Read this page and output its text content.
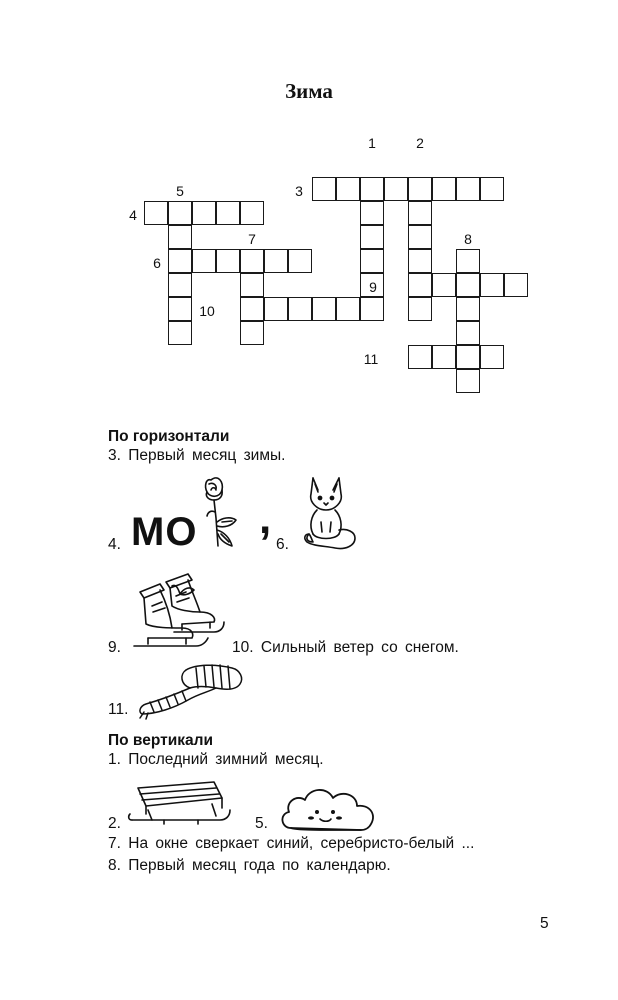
Зима
1	2
3
4
5
6
7	8
9
10
11
По горизонтали
3. Первый месяц зимы.
4. МО ,
6.
9.	10. Сильный ветер со снегом.
11.
По вертикали
1. Последний зимний месяц.
2.	5.
7. На окне сверкает синий, серебристо-белый ...
8. Первый месяц года по календарю.
5
